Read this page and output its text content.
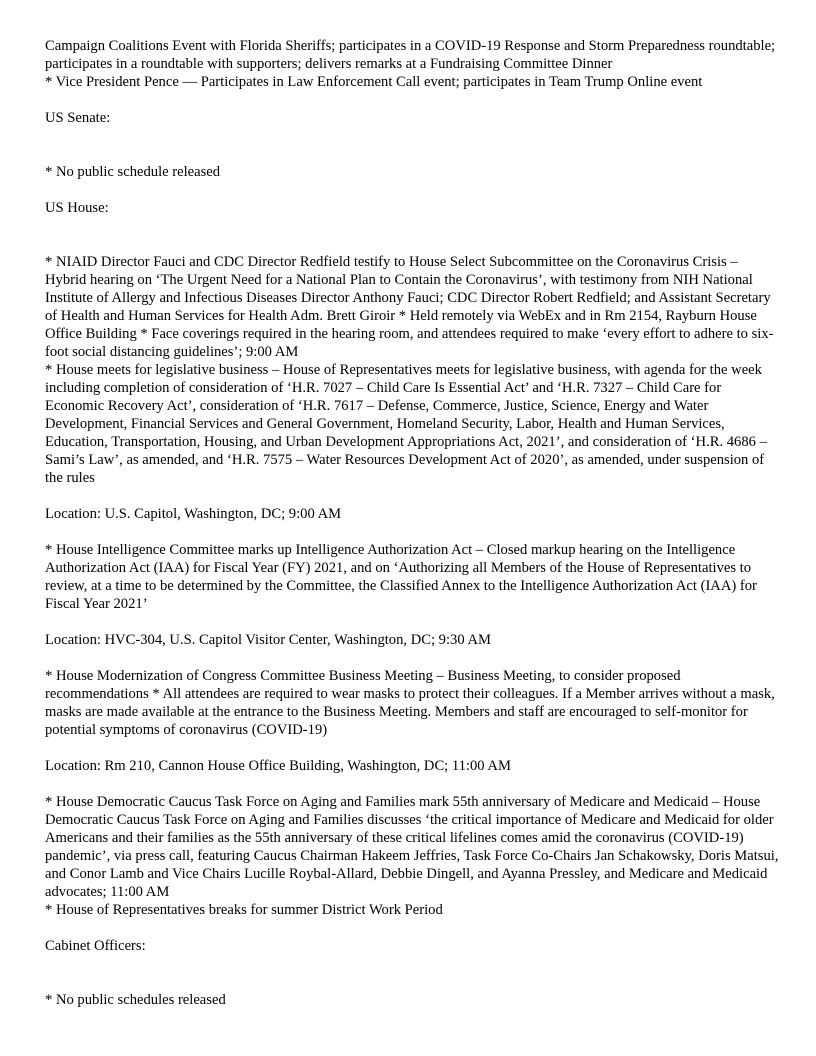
Campaign Coalitions Event with Florida Sheriffs; participates in a COVID-19 Response and Storm Preparedness roundtable; participates in a roundtable with supporters; delivers remarks at a Fundraising Committee Dinner
* Vice President Pence — Participates in Law Enforcement Call event; participates in Team Trump Online event
US Senate:
* No public schedule released
US House:
* NIAID Director Fauci and CDC Director Redfield testify to House Select Subcommittee on the Coronavirus Crisis – Hybrid hearing on ‘The Urgent Need for a National Plan to Contain the Coronavirus’, with testimony from NIH National Institute of Allergy and Infectious Diseases Director Anthony Fauci; CDC Director Robert Redfield; and Assistant Secretary of Health and Human Services for Health Adm. Brett Giroir * Held remotely via WebEx and in Rm 2154, Rayburn House Office Building * Face coverings required in the hearing room, and attendees required to make ‘every effort to adhere to six-foot social distancing guidelines’; 9:00 AM
* House meets for legislative business – House of Representatives meets for legislative business, with agenda for the week including completion of consideration of ‘H.R. 7027 – Child Care Is Essential Act’ and ‘H.R. 7327 – Child Care for Economic Recovery Act’, consideration of ‘H.R. 7617 – Defense, Commerce, Justice, Science, Energy and Water Development, Financial Services and General Government, Homeland Security, Labor, Health and Human Services, Education, Transportation, Housing, and Urban Development Appropriations Act, 2021’, and consideration of ‘H.R. 4686 – Sami’s Law’, as amended, and ‘H.R. 7575 – Water Resources Development Act of 2020’, as amended, under suspension of the rules
Location: U.S. Capitol, Washington, DC; 9:00 AM
* House Intelligence Committee marks up Intelligence Authorization Act – Closed markup hearing on the Intelligence Authorization Act (IAA) for Fiscal Year (FY) 2021, and on ‘Authorizing all Members of the House of Representatives to review, at a time to be determined by the Committee, the Classified Annex to the Intelligence Authorization Act (IAA) for Fiscal Year 2021’
Location: HVC-304, U.S. Capitol Visitor Center, Washington, DC; 9:30 AM
* House Modernization of Congress Committee Business Meeting – Business Meeting, to consider proposed recommendations * All attendees are required to wear masks to protect their colleagues. If a Member arrives without a mask, masks are made available at the entrance to the Business Meeting. Members and staff are encouraged to self-monitor for potential symptoms of coronavirus (COVID-19)
Location: Rm 210, Cannon House Office Building, Washington, DC; 11:00 AM
* House Democratic Caucus Task Force on Aging and Families mark 55th anniversary of Medicare and Medicaid – House Democratic Caucus Task Force on Aging and Families discusses ‘the critical importance of Medicare and Medicaid for older Americans and their families as the 55th anniversary of these critical lifelines comes amid the coronavirus (COVID-19) pandemic’, via press call, featuring Caucus Chairman Hakeem Jeffries, Task Force Co-Chairs Jan Schakowsky, Doris Matsui, and Conor Lamb and Vice Chairs Lucille Roybal-Allard, Debbie Dingell, and Ayanna Pressley, and Medicare and Medicaid advocates; 11:00 AM
* House of Representatives breaks for summer District Work Period
Cabinet Officers:
* No public schedules released
